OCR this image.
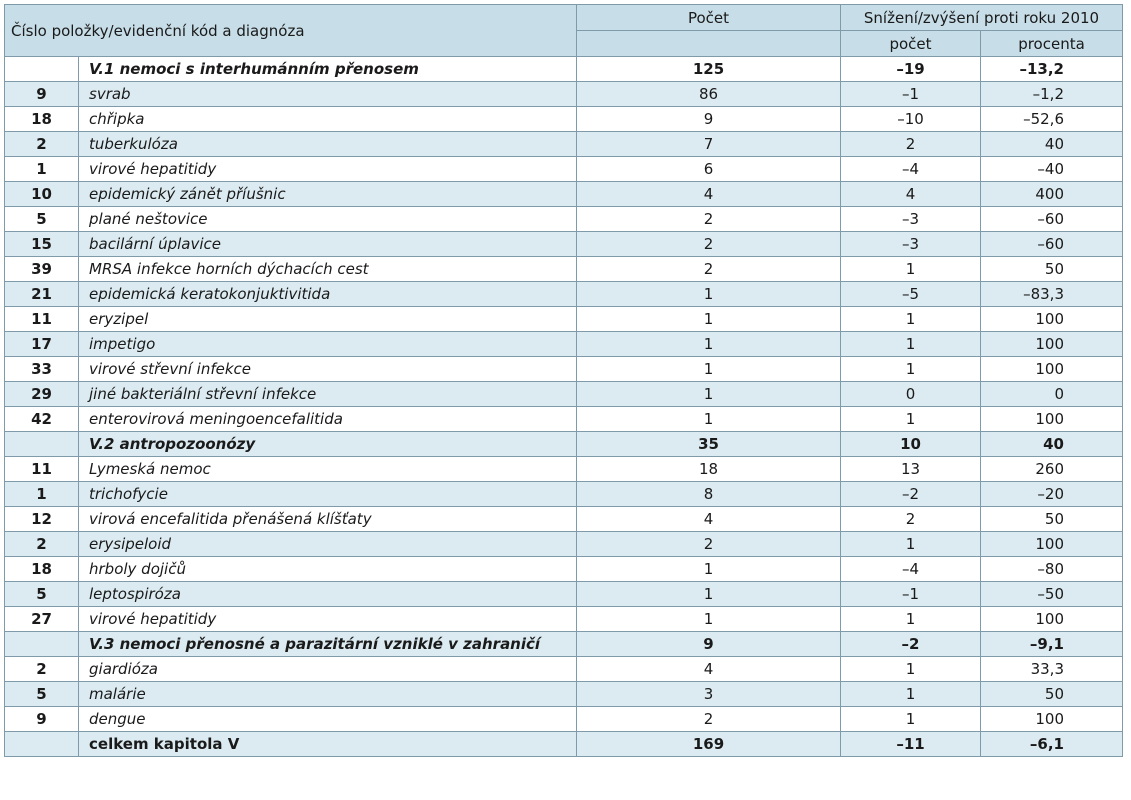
Číslo položky/evidenční kód a diagnóza		Počet	Snížení/zvýšení proti roku 2010	
			počet	procenta
	V.1 nemoci s interhumánním přenosem	125	–19	–13,2
9	svrab	86	–1	–1,2
18	chřipka	9	–10	–52,6
2	tuberkulóza	7	2	40
1	virové hepatitidy	6	–4	–40
10	epidemický zánět příušnic	4	4	400
5	plané neštovice	2	–3	–60
15	bacilární úplavice	2	–3	–60
39	MRSA infekce horních dýchacích cest	2	1	50
21	epidemická keratokonjuktivitida	1	–5	–83,3
11	eryzipel	1	1	100
17	impetigo	1	1	100
33	virové střevní infekce	1	1	100
29	jiné bakteriální střevní infekce	1	0	0
42	enterovirová meningoencefalitida	1	1	100
	V.2 antropozoonózy	35	10	40
11	Lymeská nemoc	18	13	260
1	trichofycie	8	–2	–20
12	virová encefalitida přenášená klíšťaty	4	2	50
2	erysipeloid	2	1	100
18	hrboly dojičů	1	–4	–80
5	leptospiróza	1	–1	–50
27	virové hepatitidy	1	1	100
	V.3 nemoci přenosné a parazitární vzniklé v zahraničí	9	–2	–9,1
2	giardióza	4	1	33,3
5	malárie	3	1	50
9	dengue	2	1	100
	celkem kapitola V	169	–11	–6,1
